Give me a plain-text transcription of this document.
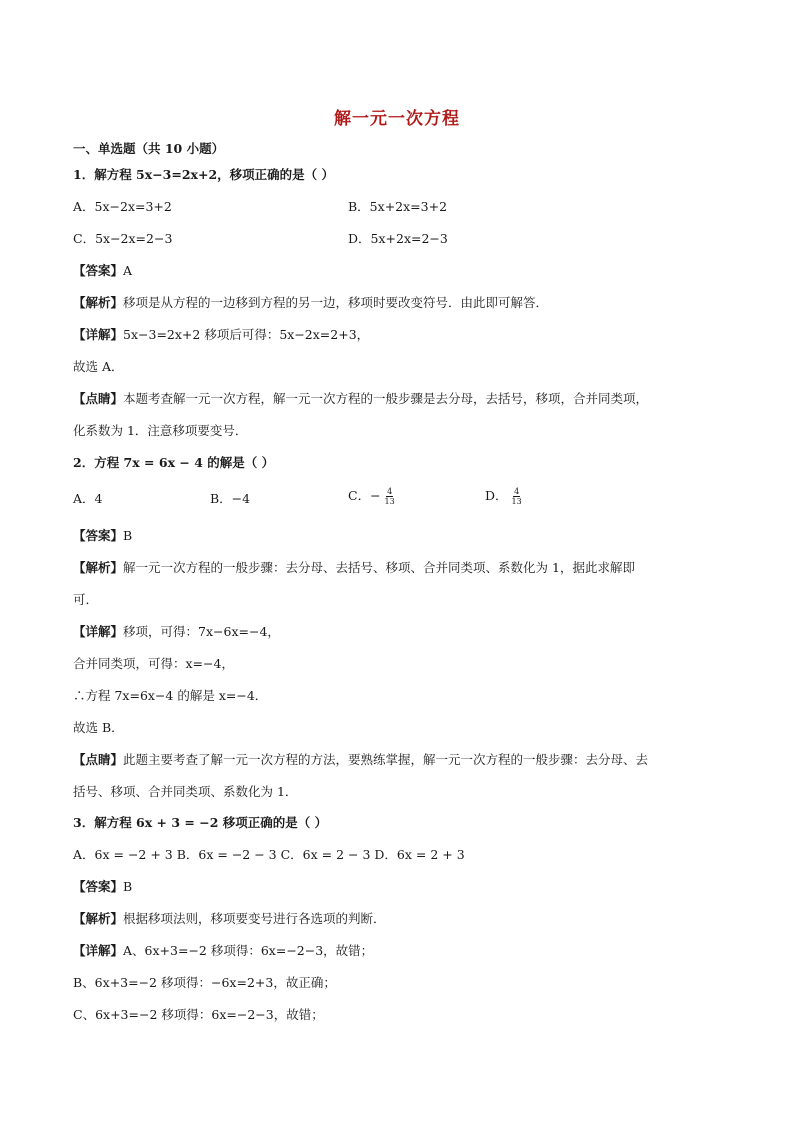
解一元一次方程
一、单选题（共 10 小题）
1．解方程 5x−3=2x+2，移项正确的是（ ）
A．5x−2x=3+2	B．5x+2x=3+2
C．5x−2x=2−3	D．5x+2x=2−3
【答案】A
【解析】移项是从方程的一边移到方程的另一边，移项时要改变符号．由此即可解答．
【详解】5x−3=2x+2 移项后可得：5x−2x=2+3，
故选 A．
【点睛】本题考查解一元一次方程，解一元一次方程的一般步骤是去分母，去括号，移项，合并同类项，
化系数为 1．注意移项要变号．
2．方程 7x = 6x − 4 的解是（ ）
A．4	B．−4	C．− $\frac{4}{13}$	D． $\frac{4}{13}$
【答案】B
【解析】解一元一次方程的一般步骤：去分母、去括号、移项、合并同类项、系数化为 1，据此求解即
可．
【详解】移项，可得：7x−6x=−4，
合并同类项，可得：x=−4，
∴方程 7x=6x−4 的解是 x=−4．
故选 B．
【点睛】此题主要考查了解一元一次方程的方法，要熟练掌握，解一元一次方程的一般步骤：去分母、去
括号、移项、合并同类项、系数化为 1．
3．解方程 6x + 3 = −2 移项正确的是（ ）
A．6x = −2 + 3 B．6x = −2 − 3 C．6x = 2 − 3 D．6x = 2 + 3
【答案】B
【解析】根据移项法则，移项要变号进行各选项的判断．
【详解】A、6x+3=−2 移项得：6x=−2−3，故错；
B、6x+3=−2 移项得：−6x=2+3，故正确；
C、6x+3=−2 移项得：6x=−2−3，故错；
